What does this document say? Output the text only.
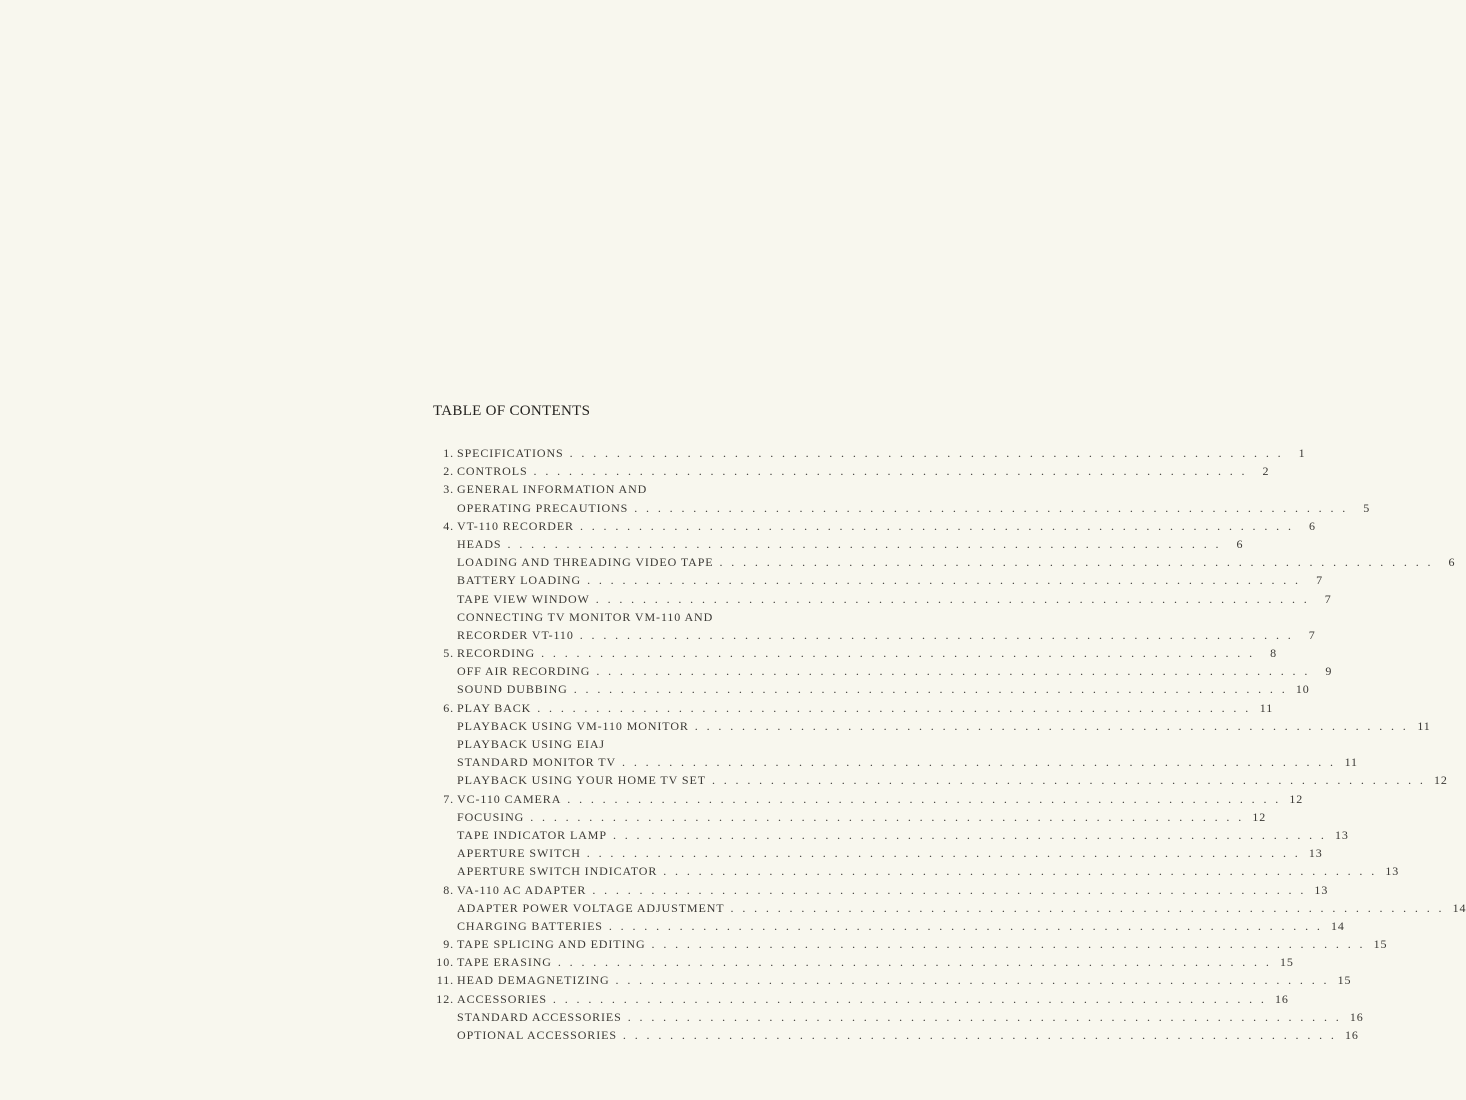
TABLE OF CONTENTS
1. SPECIFICATIONS . . . . . . . . . . . . . . . . . . . . . . . . . . . . . . . . . . . . . . . . . . . . . . . . . . . . . . . . . . . . .	1
2. CONTROLS . . . . . . . . . . . . . . . . . . . . . . . . . . . . . . . . . . . . . . . . . . . . . . . . . . . . . . . . . . . . .	2
3. GENERAL INFORMATION AND
OPERATING PRECAUTIONS . . . . . . . . . . . . . . . . . . . . . . . . . . . . . . . . . . . . . . . . . . . . . . . . . . . . . . . . . . . . .	5
4. VT-110 RECORDER . . . . . . . . . . . . . . . . . . . . . . . . . . . . . . . . . . . . . . . . . . . . . . . . . . . . . . . . . . . . .	6
HEADS . . . . . . . . . . . . . . . . . . . . . . . . . . . . . . . . . . . . . . . . . . . . . . . . . . . . . . . . . . . . .	6
LOADING AND THREADING VIDEO TAPE . . . . . . . . . . . . . . . . . . . . . . . . . . . . . . . . . . . . . . . . . . . . . . . . . . . . . . . . . . . . .	6
BATTERY LOADING . . . . . . . . . . . . . . . . . . . . . . . . . . . . . . . . . . . . . . . . . . . . . . . . . . . . . . . . . . . . .	7
TAPE VIEW WINDOW . . . . . . . . . . . . . . . . . . . . . . . . . . . . . . . . . . . . . . . . . . . . . . . . . . . . . . . . . . . . .	7
CONNECTING TV MONITOR VM-110 AND
RECORDER VT-110 . . . . . . . . . . . . . . . . . . . . . . . . . . . . . . . . . . . . . . . . . . . . . . . . . . . . . . . . . . . . .	7
5. RECORDING . . . . . . . . . . . . . . . . . . . . . . . . . . . . . . . . . . . . . . . . . . . . . . . . . . . . . . . . . . . . .	8
OFF AIR RECORDING . . . . . . . . . . . . . . . . . . . . . . . . . . . . . . . . . . . . . . . . . . . . . . . . . . . . . . . . . . . . .	9
SOUND DUBBING . . . . . . . . . . . . . . . . . . . . . . . . . . . . . . . . . . . . . . . . . . . . . . . . . . . . . . . . . . . . . 10
6. PLAY BACK . . . . . . . . . . . . . . . . . . . . . . . . . . . . . . . . . . . . . . . . . . . . . . . . . . . . . . . . . . . . . 11
PLAYBACK USING VM-110 MONITOR . . . . . . . . . . . . . . . . . . . . . . . . . . . . . . . . . . . . . . . . . . . . . . . . . . . . . . . . . . . . . 11
PLAYBACK USING EIAJ
STANDARD MONITOR TV . . . . . . . . . . . . . . . . . . . . . . . . . . . . . . . . . . . . . . . . . . . . . . . . . . . . . . . . . . . . . 11
PLAYBACK USING YOUR HOME TV SET . . . . . . . . . . . . . . . . . . . . . . . . . . . . . . . . . . . . . . . . . . . . . . . . . . . . . . . . . . . . . 12
7. VC-110 CAMERA . . . . . . . . . . . . . . . . . . . . . . . . . . . . . . . . . . . . . . . . . . . . . . . . . . . . . . . . . . . . . 12
FOCUSING . . . . . . . . . . . . . . . . . . . . . . . . . . . . . . . . . . . . . . . . . . . . . . . . . . . . . . . . . . . . . 12
TAPE INDICATOR LAMP . . . . . . . . . . . . . . . . . . . . . . . . . . . . . . . . . . . . . . . . . . . . . . . . . . . . . . . . . . . . . 13
APERTURE SWITCH . . . . . . . . . . . . . . . . . . . . . . . . . . . . . . . . . . . . . . . . . . . . . . . . . . . . . . . . . . . . . 13
APERTURE SWITCH INDICATOR . . . . . . . . . . . . . . . . . . . . . . . . . . . . . . . . . . . . . . . . . . . . . . . . . . . . . . . . . . . . . 13
8. VA-110 AC ADAPTER . . . . . . . . . . . . . . . . . . . . . . . . . . . . . . . . . . . . . . . . . . . . . . . . . . . . . . . . . . . . . 13
ADAPTER POWER VOLTAGE ADJUSTMENT . . . . . . . . . . . . . . . . . . . . . . . . . . . . . . . . . . . . . . . . . . . . . . . . . . . . . . . . . . . . . 14
CHARGING BATTERIES . . . . . . . . . . . . . . . . . . . . . . . . . . . . . . . . . . . . . . . . . . . . . . . . . . . . . . . . . . . . . 14
9. TAPE SPLICING AND EDITING . . . . . . . . . . . . . . . . . . . . . . . . . . . . . . . . . . . . . . . . . . . . . . . . . . . . . . . . . . . . . 15
10. TAPE ERASING . . . . . . . . . . . . . . . . . . . . . . . . . . . . . . . . . . . . . . . . . . . . . . . . . . . . . . . . . . . . . 15
11. HEAD DEMAGNETIZING . . . . . . . . . . . . . . . . . . . . . . . . . . . . . . . . . . . . . . . . . . . . . . . . . . . . . . . . . . . . . 15
12. ACCESSORIES . . . . . . . . . . . . . . . . . . . . . . . . . . . . . . . . . . . . . . . . . . . . . . . . . . . . . . . . . . . . . 16
STANDARD ACCESSORIES . . . . . . . . . . . . . . . . . . . . . . . . . . . . . . . . . . . . . . . . . . . . . . . . . . . . . . . . . . . . . 16
OPTIONAL ACCESSORIES . . . . . . . . . . . . . . . . . . . . . . . . . . . . . . . . . . . . . . . . . . . . . . . . . . . . . . . . . . . . . 16
